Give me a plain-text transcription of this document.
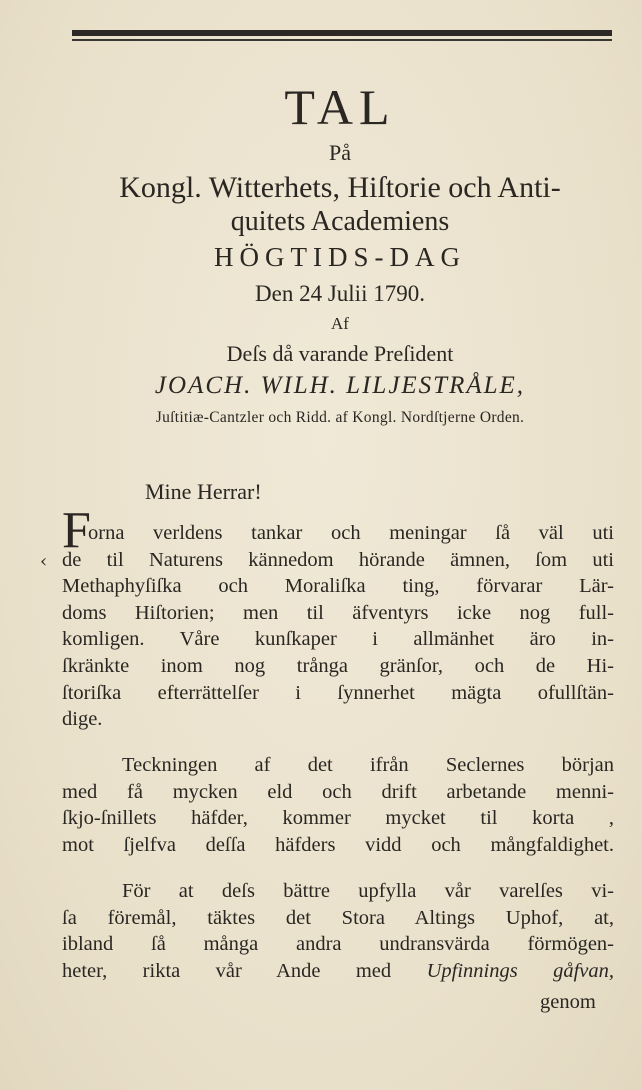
TAL
På
Kongl. Witterhets, Hiſtorie och Anti-
quitets Academiens
HÖGTIDS-DAG
Den 24 Julii 1790.
Af
Deſs då varande Preſident
JOACH. WILH. LILJESTRÅLE,
Juſtitiæ-Cantzler och Ridd. af Kongl. Nordſtjerne Orden.
Mine Herrar!
‹
F
orna verldens tankar och meningar ſå väl uti
de til Naturens kännedom hörande ämnen, ſom uti
Methaphyſiſka och Moraliſka ting, förvarar Lär-
doms Hiſtorien; men til äfventyrs icke nog full-
komligen. Våre kunſkaper i allmänhet äro in-
ſkränkte inom nog trånga gränſor, och de Hi-
ſtoriſka efterrättelſer i ſynnerhet mägta ofullſtän-
dige.
Teckningen af det ifrån Seclernes början
med få mycken eld och drift arbetande menni-
ſkjo-ſnillets häfder, kommer mycket til korta ,
mot ſjelfva deſſa häfders vidd och mångfaldighet.
För at deſs bättre upfylla vår varelſes vi-
ſa föremål, täktes det Stora Altings Uphof, at,
ibland ſå många andra undransvärda förmögen-
heter, rikta vår Ande med Upfinnings gåfvan,
genom
